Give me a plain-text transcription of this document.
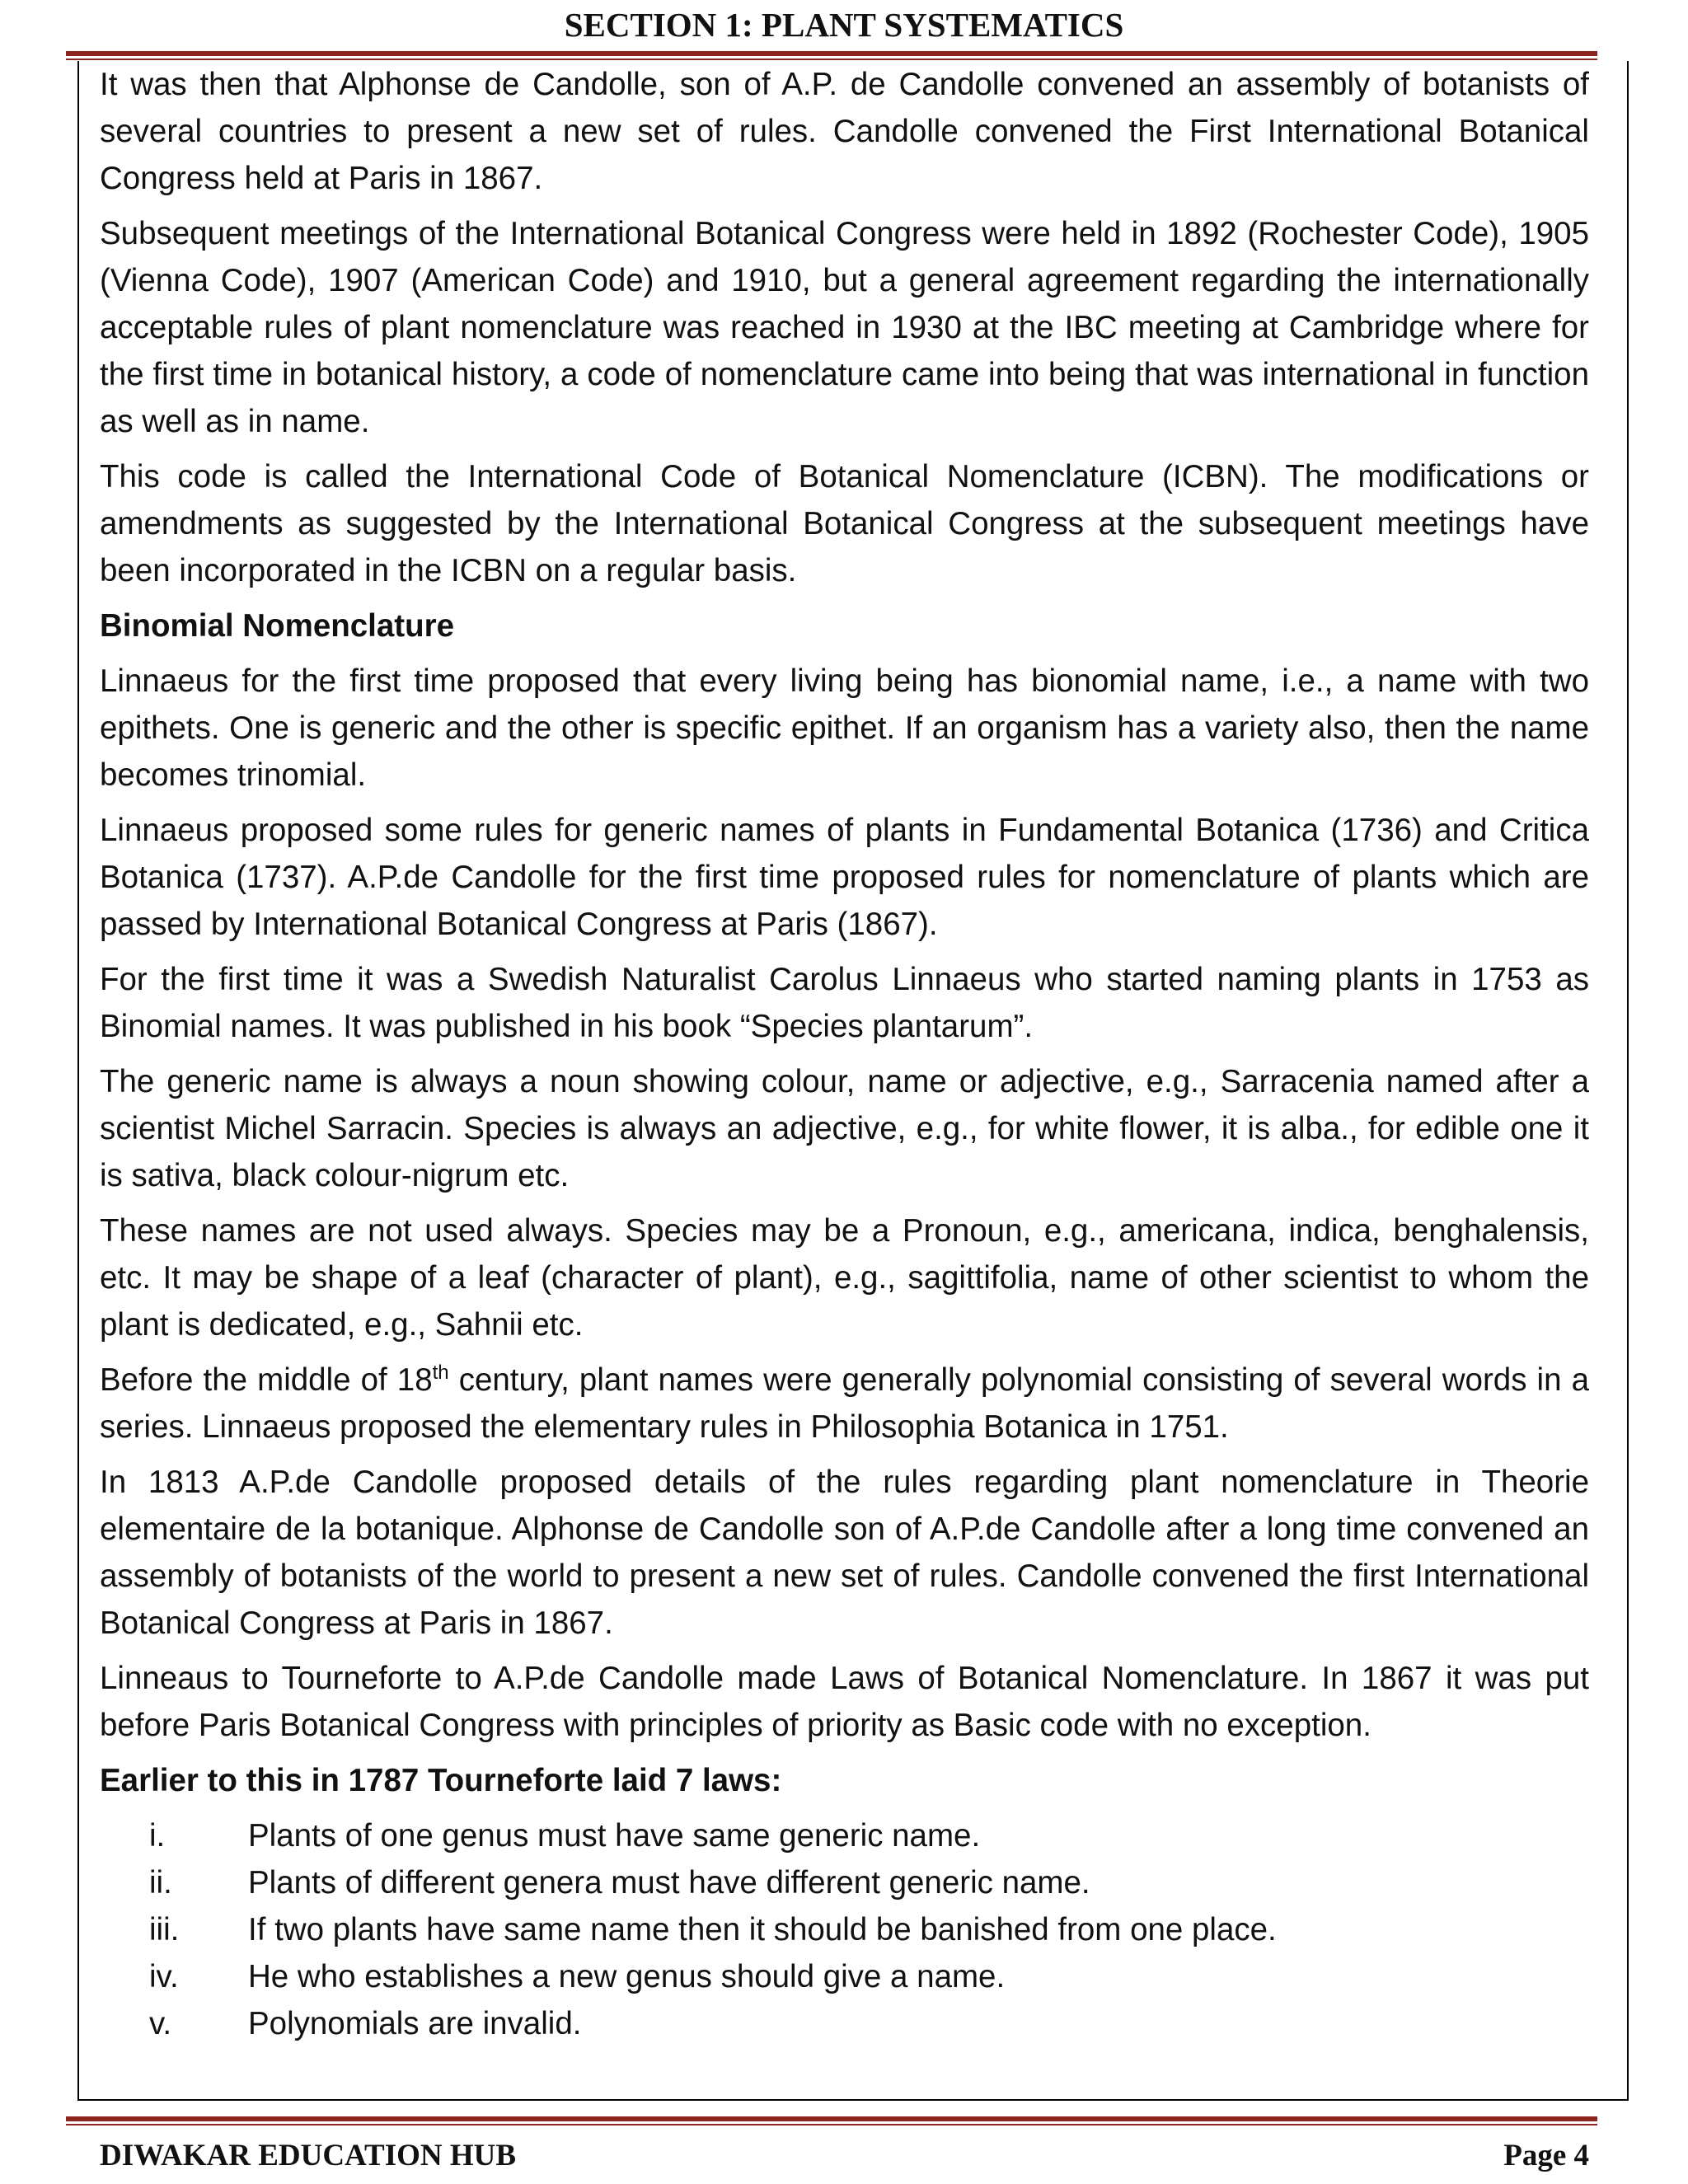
SECTION 1: PLANT SYSTEMATICS

It was then that Alphonse de Candolle, son of A.P. de Candolle convened an assembly of botanists of several countries to present a new set of rules. Candolle convened the First International Botanical Congress held at Paris in 1867.

Subsequent meetings of the International Botanical Congress were held in 1892 (Rochester Code), 1905 (Vienna Code), 1907 (American Code) and 1910, but a general agreement regarding the internationally acceptable rules of plant nomenclature was reached in 1930 at the IBC meeting at Cambridge where for the first time in botanical history, a code of nomenclature came into being that was international in function as well as in name.

This code is called the International Code of Botanical Nomenclature (ICBN). The modifications or amendments as suggested by the International Botanical Congress at the subsequent meetings have been incorporated in the ICBN on a regular basis.

Binomial Nomenclature

Linnaeus for the first time proposed that every living being has bionomial name, i.e., a name with two epithets. One is generic and the other is specific epithet. If an organism has a variety also, then the name becomes trinomial.

Linnaeus proposed some rules for generic names of plants in Fundamental Botanica (1736) and Critica Botanica (1737). A.P.de Candolle for the first time proposed rules for nomenclature of plants which are passed by International Botanical Congress at Paris (1867).

For the first time it was a Swedish Naturalist Carolus Linnaeus who started naming plants in 1753 as Binomial names. It was published in his book “Species plantarum”.

The generic name is always a noun showing colour, name or adjective, e.g., Sarracenia named after a scientist Michel Sarracin. Species is always an adjective, e.g., for white flower, it is alba., for edible one it is sativa, black colour-nigrum etc.

These names are not used always. Species may be a Pronoun, e.g., americana, indica, benghalensis, etc. It may be shape of a leaf (character of plant), e.g., sagittifolia, name of other scientist to whom the plant is dedicated, e.g., Sahnii etc.

Before the middle of 18th century, plant names were generally polynomial consisting of several words in a series. Linnaeus proposed the elementary rules in Philosophia Botanica in 1751.

In 1813 A.P.de Candolle proposed details of the rules regarding plant nomenclature in Theorie elementaire de la botanique. Alphonse de Candolle son of A.P.de Candolle after a long time convened an assembly of botanists of the world to present a new set of rules. Candolle convened the first International Botanical Congress at Paris in 1867.

Linneaus to Tourneforte to A.P.de Candolle made Laws of Botanical Nomenclature. In 1867 it was put before Paris Botanical Congress with principles of priority as Basic code with no exception.

Earlier to this in 1787 Tourneforte laid 7 laws:
i.	Plants of one genus must have same generic name.
ii.	Plants of different genera must have different generic name.
iii.	If two plants have same name then it should be banished from one place.
iv.	He who establishes a new genus should give a name.
v.	Polynomials are invalid.
DIWAKAR EDUCATION HUB	Page 4
